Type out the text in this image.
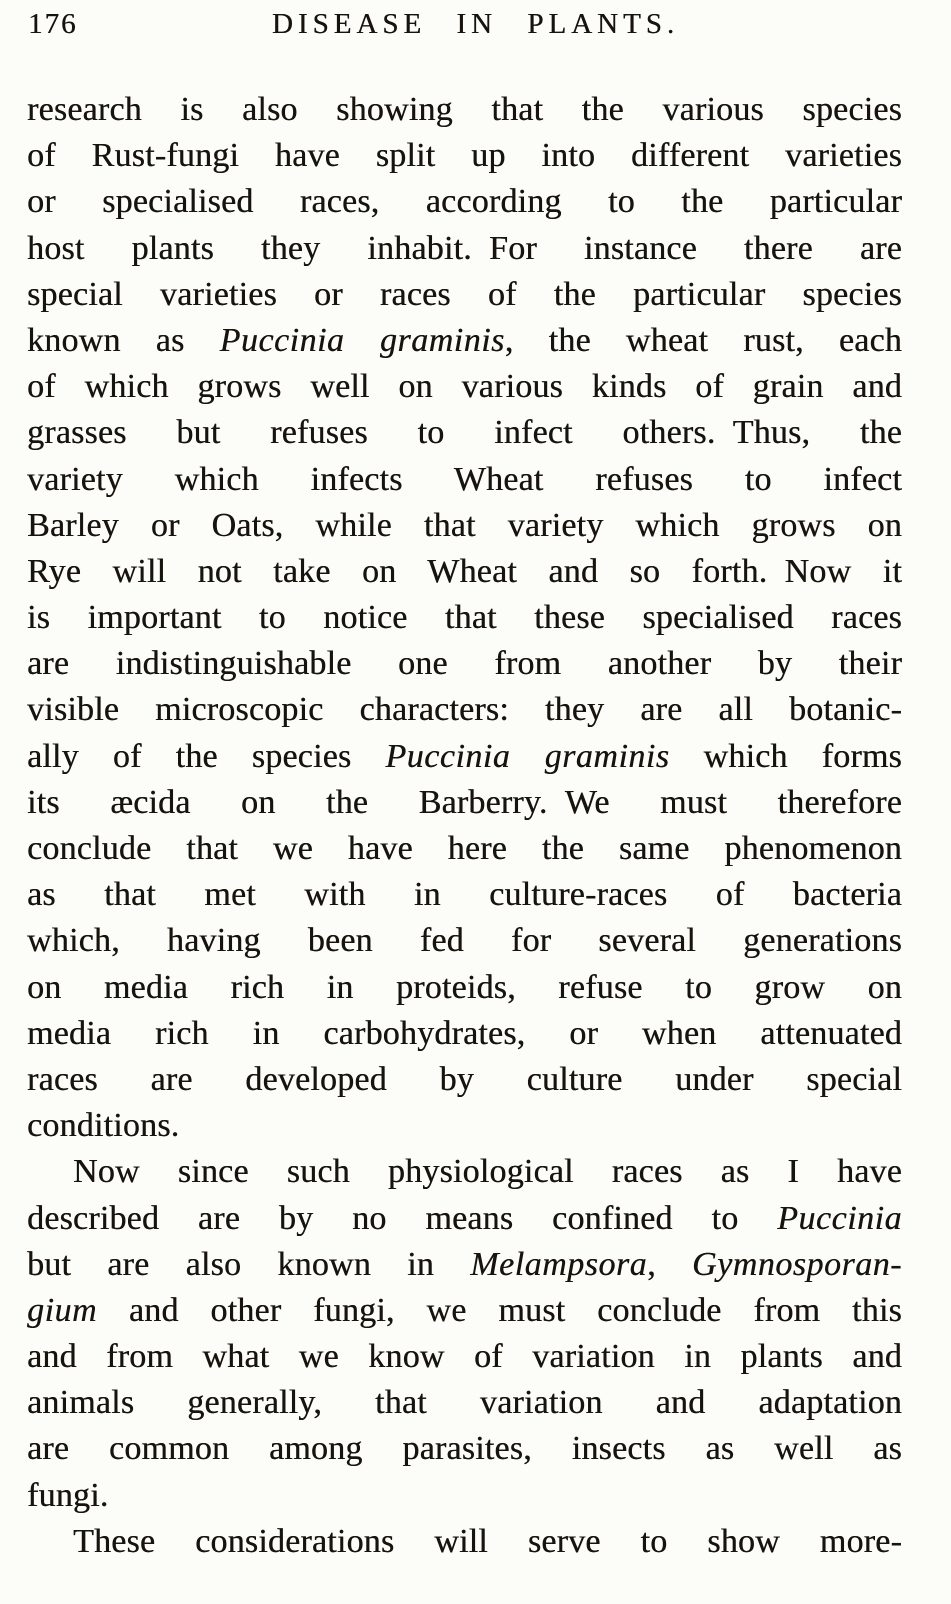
176	DISEASE IN PLANTS.
research is also showing that the various species
of Rust-fungi have split up into different varieties
or specialised races, according to the particular
host plants they inhabit. For instance there are
special varieties or races of the particular species
known as Puccinia graminis, the wheat rust, each
of which grows well on various kinds of grain and
grasses but refuses to infect others. Thus, the
variety which infects Wheat refuses to infect
Barley or Oats, while that variety which grows on
Rye will not take on Wheat and so forth. Now it
is important to notice that these specialised races
are indistinguishable one from another by their
visible microscopic characters: they are all botanic-
ally of the species Puccinia graminis which forms
its æcida on the Barberry. We must therefore
conclude that we have here the same phenomenon
as that met with in culture-races of bacteria
which, having been fed for several generations
on media rich in proteids, refuse to grow on
media rich in carbohydrates, or when attenuated
races are developed by culture under special
conditions.
Now since such physiological races as I have
described are by no means confined to Puccinia
but are also known in Melampsora, Gymnosporan-
gium and other fungi, we must conclude from this
and from what we know of variation in plants and
animals generally, that variation and adaptation
are common among parasites, insects as well as
fungi.
These considerations will serve to show more-
